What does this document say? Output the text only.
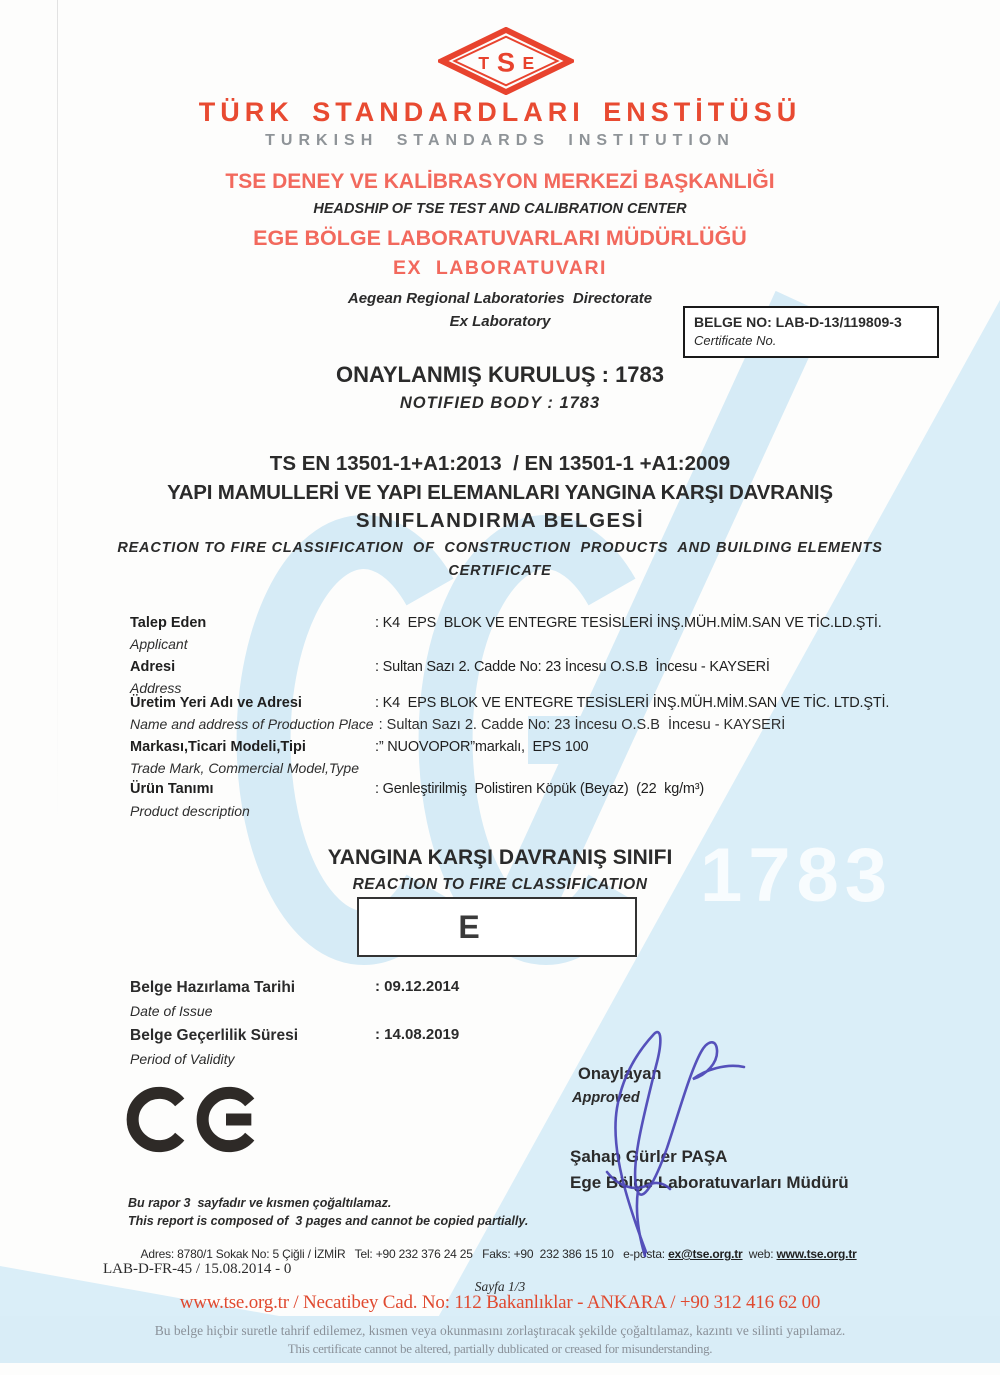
1783
T S E
TÜRK STANDARDLARI ENSTİTÜSÜ
TURKISH STANDARDS INSTITUTION
TSE DENEY VE KALİBRASYON MERKEZİ BAŞKANLIĞI
HEADSHIP OF TSE TEST AND CALIBRATION CENTER
EGE BÖLGE LABORATUVARLARI MÜDÜRLÜĞÜ
EX  LABORATUVARI
Aegean Regional Laboratories  Directorate
Ex Laboratory	BELGE NO: LAB-D-13/119809-3
Certificate No.
ONAYLANMIŞ KURULUŞ : 1783
NOTIFIED BODY : 1783
TS EN 13501-1+A1:2013  / EN 13501-1 +A1:2009
YAPI MAMULLERİ VE YAPI ELEMANLARI YANGINA KARŞI DAVRANIŞ
SINIFLANDIRMA BELGESİ
REACTION TO FIRE CLASSIFICATION  OF  CONSTRUCTION  PRODUCTS  AND BUILDING ELEMENTS
CERTIFICATE
Talep Eden	: K4  EPS  BLOK VE ENTEGRE TESİSLERİ İNŞ.MÜH.MİM.SAN VE TİC.LD.ŞTİ.
Applicant
Adresi	: Sultan Sazı 2. Cadde No: 23 İncesu O.S.B  İncesu - KAYSERİ
Address
Üretim Yeri Adı ve Adresi	: K4  EPS BLOK VE ENTEGRE TESİSLERİ İNŞ.MÜH.MİM.SAN VE TİC. LTD.ŞTİ.
Name and address of Production Place : Sultan Sazı 2. Cadde No: 23 İncesu O.S.B  İncesu - KAYSERİ
Markası,Ticari Modeli,Tipi	:” NUOVOPOR”markalı,  EPS 100
Trade Mark, Commercial Model,Type
Ürün Tanımı	: Genleştirilmiş  Polistiren Köpük (Beyaz)  (22  kg/m³)
Product description
YANGINA KARŞI DAVRANIŞ SINIFI
REACTION TO FIRE CLASSIFICATION
E
Belge Hazırlama Tarihi	: 09.12.2014
Date of Issue
Belge Geçerlilik Süresi	: 14.08.2019
Period of Validity
Onaylayan
Approved
Şahap Gürler PAŞA
Ege Bölge Laboratuvarları Müdürü
Bu rapor 3  sayfadır ve kısmen çoğaltılamaz.
This report is composed of  3 pages and cannot be copied partially.

Adres: 8780/1 Sokak No: 5 Çiğli / İZMİR   Tel: +90 232 376 24 25   Faks: +90  232 386 15 10   e-posta: ex@tse.org.tr  web: www.tse.org.tr

LAB-D-FR-45 / 15.08.2014 - 0
Sayfa 1/3
www.tse.org.tr / Necatibey Cad. No: 112 Bakanlıklar - ANKARA / +90 312 416 62 00
Bu belge hiçbir suretle tahrif edilemez, kısmen veya okunmasını zorlaştıracak şekilde çoğaltılamaz, kazıntı ve silinti yapılamaz.
This certificate cannot be altered, partially dublicated or creased for misunderstanding.
